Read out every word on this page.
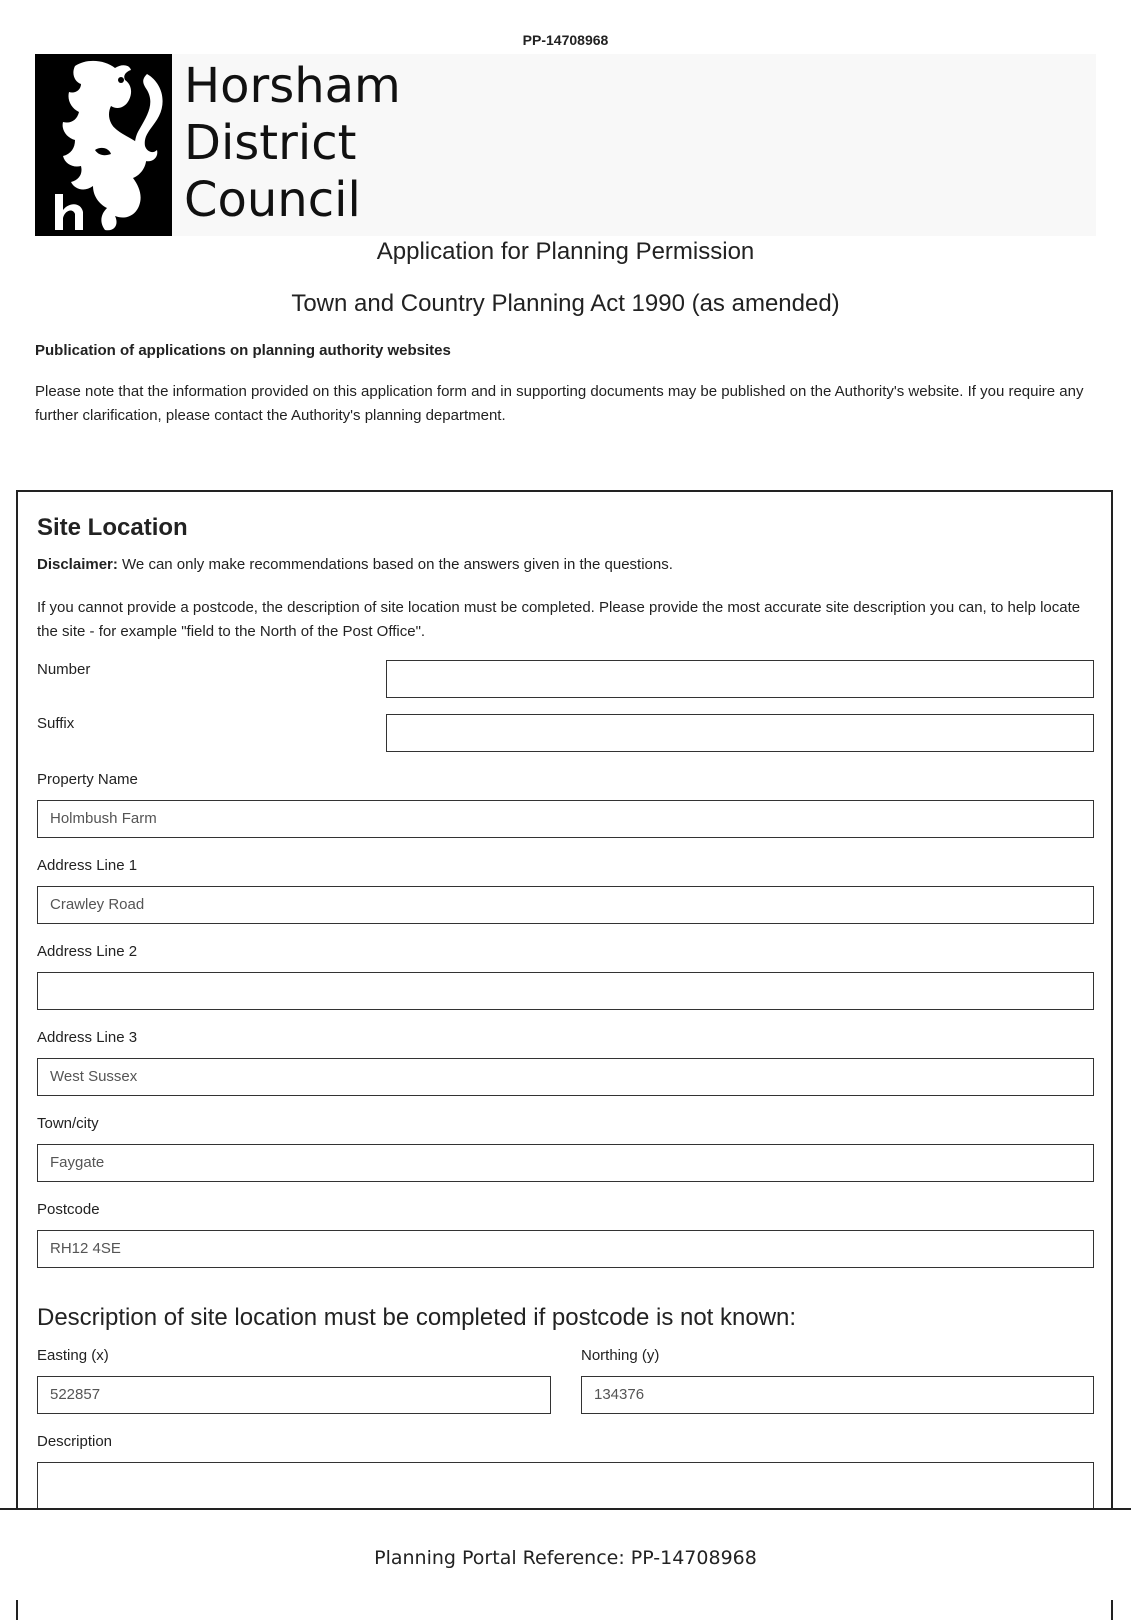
PP-14708968
Horsham
District
Council
Application for Planning Permission
Town and Country Planning Act 1990 (as amended)
Publication of applications on planning authority websites
Please note that the information provided on this application form and in supporting documents may be published on the Authority's website. If you require any further clarification, please contact the Authority's planning department.
Site Location
Disclaimer: We can only make recommendations based on the answers given in the questions.
If you cannot provide a postcode, the description of site location must be completed. Please provide the most accurate site description you can, to help locate the site - for example "field to the North of the Post Office".
Number
Suffix
Property Name
Holmbush Farm
Address Line 1
Crawley Road
Address Line 2
Address Line 3
West Sussex
Town/city
Faygate
Postcode
RH12 4SE
Description of site location must be completed if postcode is not known:
Easting (x)
522857
Northing (y)
134376
Description
Planning Portal Reference: PP-14708968
